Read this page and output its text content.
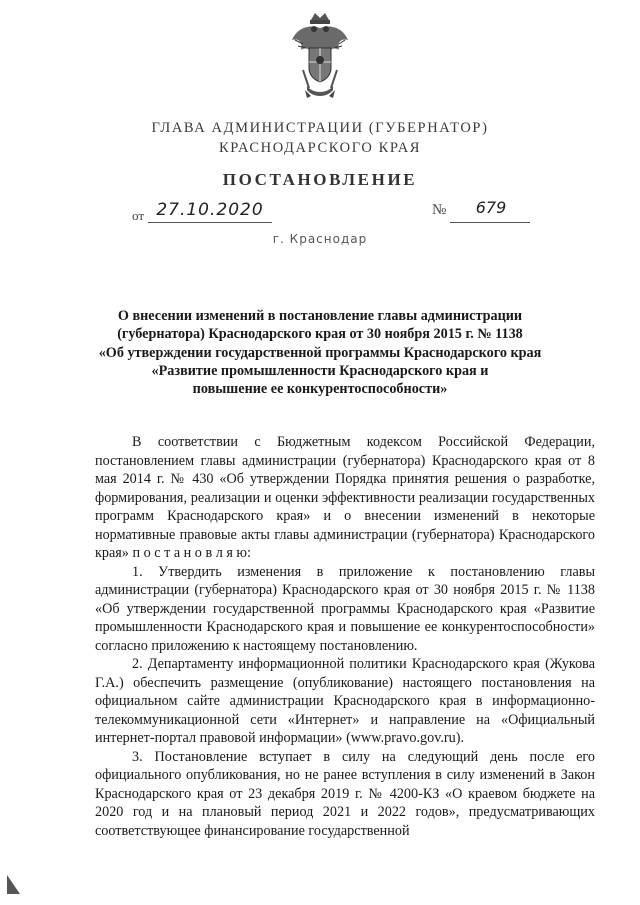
ГЛАВА АДМИНИСТРАЦИИ (ГУБЕРНАТОР)
КРАСНОДАРСКОГО КРАЯ
ПОСТАНОВЛЕНИЕ
от 27.10.2020	№	679
г. Краснодар
О внесении изменений в постановление главы администрации
(губернатора) Краснодарского края от 30 ноября 2015 г. № 1138
«Об утверждении государственной программы Краснодарского края
«Развитие промышленности Краснодарского края и
повышение ее конкурентоспособности»

В соответствии с Бюджетным кодексом Российской Федерации, постановлением главы администрации (губернатора) Краснодарского края от 8 мая 2014 г. № 430 «Об утверждении Порядка принятия решения о разработке, формирования, реализации и оценки эффективности реализации государственных программ Краснодарского края» и о внесении изменений в некоторые нормативные правовые акты главы администрации (губернатора) Краснодарского края» п о с т а н о в л я ю:

1. Утвердить изменения в приложение к постановлению главы администрации (губернатора) Краснодарского края от 30 ноября 2015 г. № 1138 «Об утверждении государственной программы Краснодарского края «Развитие промышленности Краснодарского края и повышение ее конкурентоспособности» согласно приложению к настоящему постановлению.

2. Департаменту информационной политики Краснодарского края (Жукова Г.А.) обеспечить размещение (опубликование) настоящего постановления на официальном сайте администрации Краснодарского края в информационно-телекоммуникационной сети «Интернет» и направление на «Официальный интернет-портал правовой информации» (www.pravo.gov.ru).

3. Постановление вступает в силу на следующий день после его официального опубликования, но не ранее вступления в силу изменений в Закон Краснодарского края от 23 декабря 2019 г. № 4200-КЗ «О краевом бюджете на 2020 год и на плановый период 2021 и 2022 годов», предусматривающих соответствующее финансирование государственной
